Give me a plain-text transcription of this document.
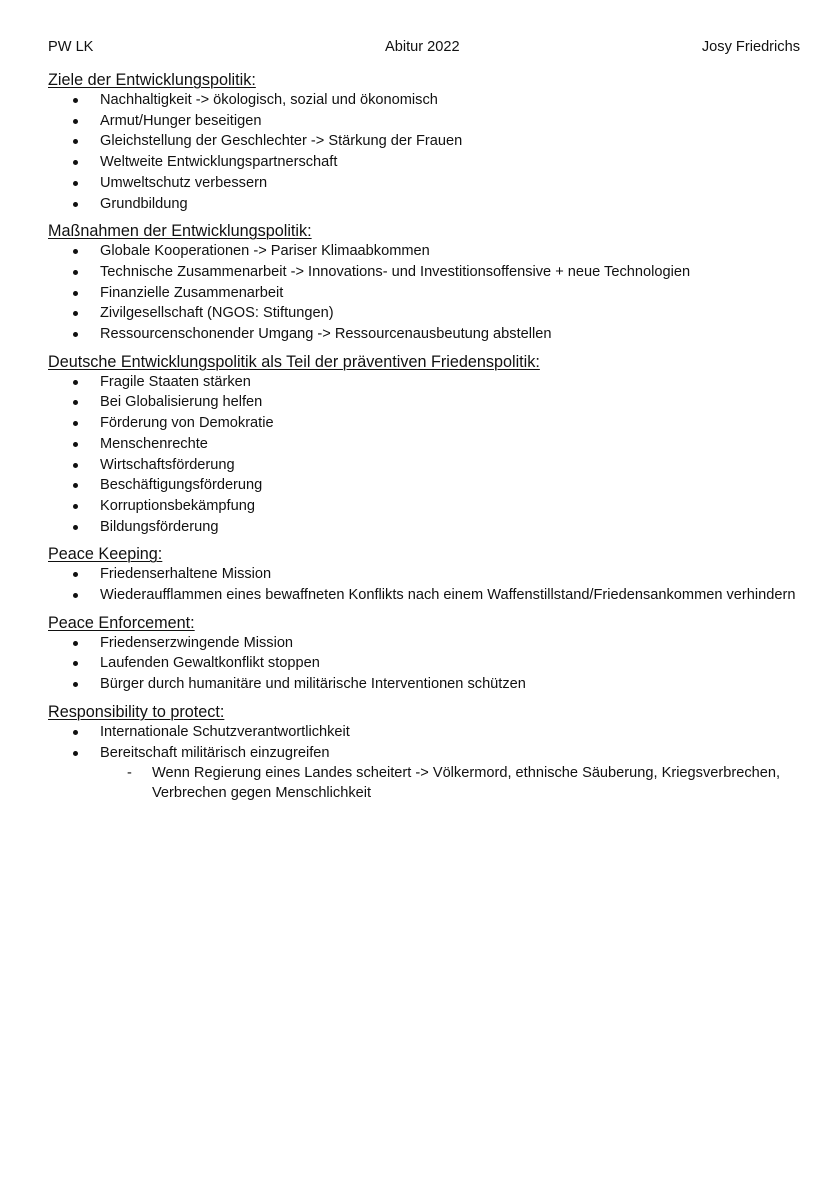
PW LK	Abitur 2022	Josy Friedrichs
Ziele der Entwicklungspolitik:
Nachhaltigkeit -> ökologisch, sozial und ökonomisch
Armut/Hunger beseitigen
Gleichstellung der Geschlechter -> Stärkung der Frauen
Weltweite Entwicklungspartnerschaft
Umweltschutz verbessern
Grundbildung
Maßnahmen der Entwicklungspolitik:
Globale Kooperationen -> Pariser Klimaabkommen
Technische Zusammenarbeit -> Innovations- und Investitionsoffensive + neue Technologien
Finanzielle Zusammenarbeit
Zivilgesellschaft (NGOS: Stiftungen)
Ressourcenschonender Umgang -> Ressourcenausbeutung abstellen
Deutsche Entwicklungspolitik als Teil der präventiven Friedenspolitik:
Fragile Staaten stärken
Bei Globalisierung helfen
Förderung von Demokratie
Menschenrechte
Wirtschaftsförderung
Beschäftigungsförderung
Korruptionsbekämpfung
Bildungsförderung
Peace Keeping:
Friedenserhaltene Mission
Wiederaufflammen eines bewaffneten Konflikts nach einem Waffenstillstand/Friedensankommen verhindern
Peace Enforcement:
Friedenserzwingende Mission
Laufenden Gewaltkonflikt stoppen
Bürger durch humanitäre und militärische Interventionen schützen
Responsibility to protect:
Internationale Schutzverantwortlichkeit
Bereitschaft militärisch einzugreifen
- Wenn Regierung eines Landes scheitert -> Völkermord, ethnische Säuberung, Kriegsverbrechen, Verbrechen gegen Menschlichkeit
